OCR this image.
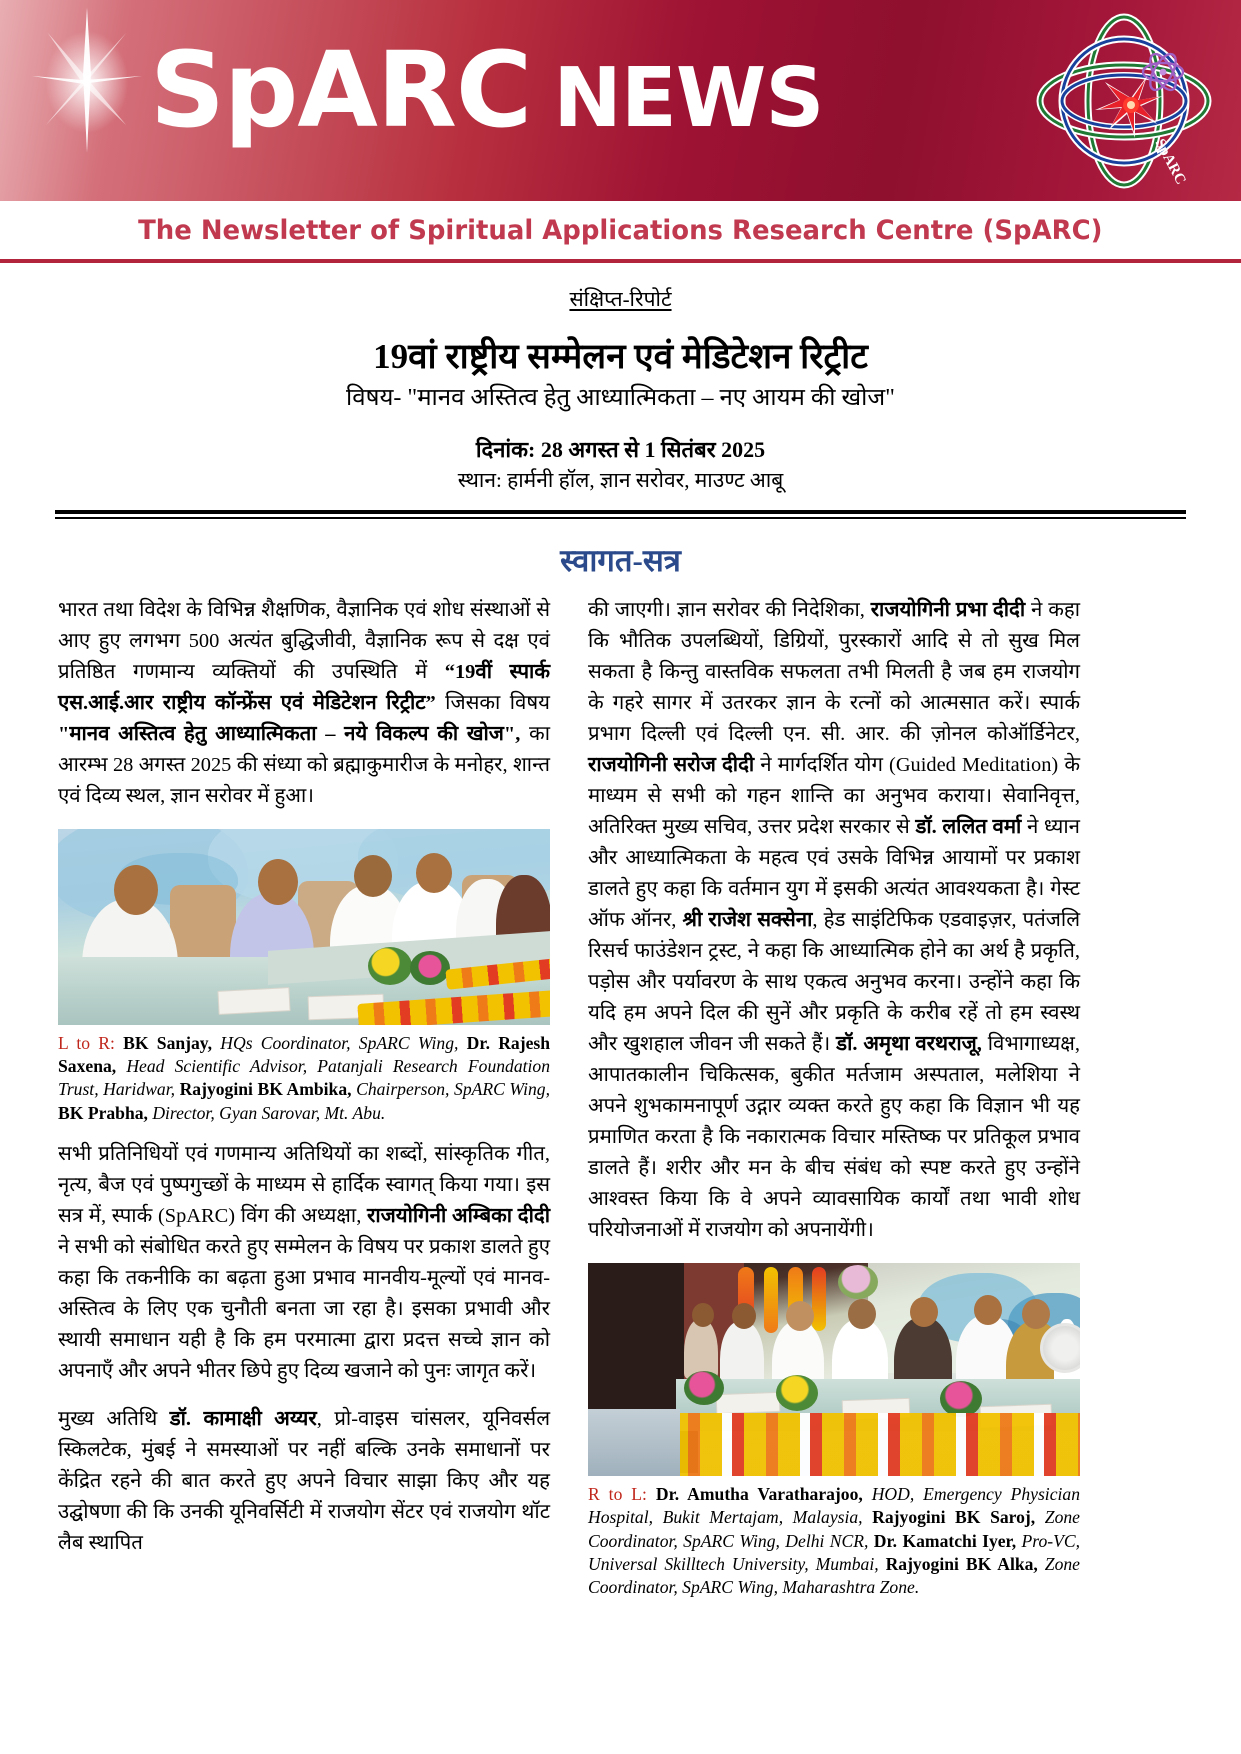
SpARC NEWS
SpARC
The Newsletter of Spiritual Applications Research Centre (SpARC)
संक्षिप्त-रिपोर्ट
19वां राष्ट्रीय सम्मेलन एवं मेडिटेशन रिट्रीट
विषय- "मानव अस्तित्व हेतु आध्यात्मिकता – नए आयम की खोज"
दिनांक: 28 अगस्त से 1 सितंबर 2025
स्थान: हार्मनी हॉल, ज्ञान सरोवर, माउण्ट आबू
स्वागत-सत्र

भारत तथा विदेश के विभिन्न शैक्षणिक, वैज्ञानिक एवं शोध संस्थाओं से आए हुए लगभग 500 अत्यंत बुद्धिजीवी, वैज्ञानिक रूप से दक्ष एवं प्रतिष्ठित गणमान्य व्यक्तियों की उपस्थिति में “19वीं स्पार्क एस.आई.आर राष्ट्रीय कॉन्फ्रेंस एवं मेडिटेशन रिट्रीट” जिसका विषय "मानव अस्तित्व हेतु आध्यात्मिकता – नये विकल्प की खोज", का आरम्भ 28 अगस्त 2025 की संध्या को ब्रह्माकुमारीज के मनोहर, शान्त एवं दिव्य स्थल, ज्ञान सरोवर में हुआ।

L to R: BK Sanjay, HQs Coordinator, SpARC Wing, Dr. Rajesh Saxena, Head Scientific Advisor, Patanjali Research Foundation Trust, Haridwar, Rajyogini BK Ambika, Chairperson, SpARC Wing, BK Prabha, Director, Gyan Sarovar, Mt. Abu.

सभी प्रतिनिधियों एवं गणमान्य अतिथियों का शब्दों, सांस्कृतिक गीत, नृत्य, बैज एवं पुष्पगुच्छों के माध्यम से हार्दिक स्वागत् किया गया। इस सत्र में, स्पार्क (SpARC) विंग की अध्यक्षा, राजयोगिनी अम्बिका दीदी ने सभी को संबोधित करते हुए सम्मेलन के विषय पर प्रकाश डालते हुए कहा कि तकनीकि का बढ़ता हुआ प्रभाव मानवीय-मूल्यों एवं मानव-अस्तित्व के लिए एक चुनौती बनता जा रहा है। इसका प्रभावी और स्थायी समाधान यही है कि हम परमात्मा द्वारा प्रदत्त सच्चे ज्ञान को अपनाएँ और अपने भीतर छिपे हुए दिव्य खजाने को पुनः जागृत करें।

मुख्य अतिथि डॉ. कामाक्षी अय्यर, प्रो-वाइस चांसलर, यूनिवर्सल स्किलटेक, मुंबई ने समस्याओं पर नहीं बल्कि उनके समाधानों पर केंद्रित रहने की बात करते हुए अपने विचार साझा किए और यह उद्घोषणा की कि उनकी यूनिवर्सिटी में राजयोग सेंटर एवं राजयोग थॉट लैब स्थापित

की जाएगी। ज्ञान सरोवर की निदेशिका, राजयोगिनी प्रभा दीदी ने कहा कि भौतिक उपलब्धियों, डिग्रियों, पुरस्कारों आदि से तो सुख मिल सकता है किन्तु वास्तविक सफलता तभी मिलती है जब हम राजयोग के गहरे सागर में उतरकर ज्ञान के रत्नों को आत्मसात करें। स्पार्क प्रभाग दिल्ली एवं दिल्ली एन. सी. आर. की ज़ोनल कोऑर्डिनेटर, राजयोगिनी सरोज दीदी ने मार्गदर्शित योग (Guided Meditation) के माध्यम से सभी को गहन शान्ति का अनुभव कराया। सेवानिवृत्त, अतिरिक्त मुख्य सचिव, उत्तर प्रदेश सरकार से डॉ. ललित वर्मा ने ध्यान और आध्यात्मिकता के महत्व एवं उसके विभिन्न आयामों पर प्रकाश डालते हुए कहा कि वर्तमान युग में इसकी अत्यंत आवश्यकता है। गेस्ट ऑफ ऑनर, श्री राजेश सक्सेना, हेड साइंटिफिक एडवाइज़र, पतंजलि रिसर्च फाउंडेशन ट्रस्ट, ने कहा कि आध्यात्मिक होने का अर्थ है प्रकृति, पड़ोस और पर्यावरण के साथ एकत्व अनुभव करना। उन्होंने कहा कि यदि हम अपने दिल की सुनें और प्रकृति के करीब रहें तो हम स्वस्थ और खुशहाल जीवन जी सकते हैं। डॉ. अमृथा वरथराजू, विभागाध्यक्ष, आपातकालीन चिकित्सक, बुकीत मर्तजाम अस्पताल, मलेशिया ने अपने शुभकामनापूर्ण उद्गार व्यक्त करते हुए कहा कि विज्ञान भी यह प्रमाणित करता है कि नकारात्मक विचार मस्तिष्क पर प्रतिकूल प्रभाव डालते हैं। शरीर और मन के बीच संबंध को स्पष्ट करते हुए उन्होंने आश्वस्त किया कि वे अपने व्यावसायिक कार्यों तथा भावी शोध परियोजनाओं में राजयोग को अपनायेंगी।

R to L: Dr. Amutha Varatharajoo, HOD, Emergency Physician Hospital, Bukit Mertajam, Malaysia, Rajyogini BK Saroj, Zone Coordinator, SpARC Wing, Delhi NCR, Dr. Kamatchi Iyer, Pro-VC, Universal Skilltech University, Mumbai, Rajyogini BK Alka, Zone Coordinator, SpARC Wing, Maharashtra Zone.
